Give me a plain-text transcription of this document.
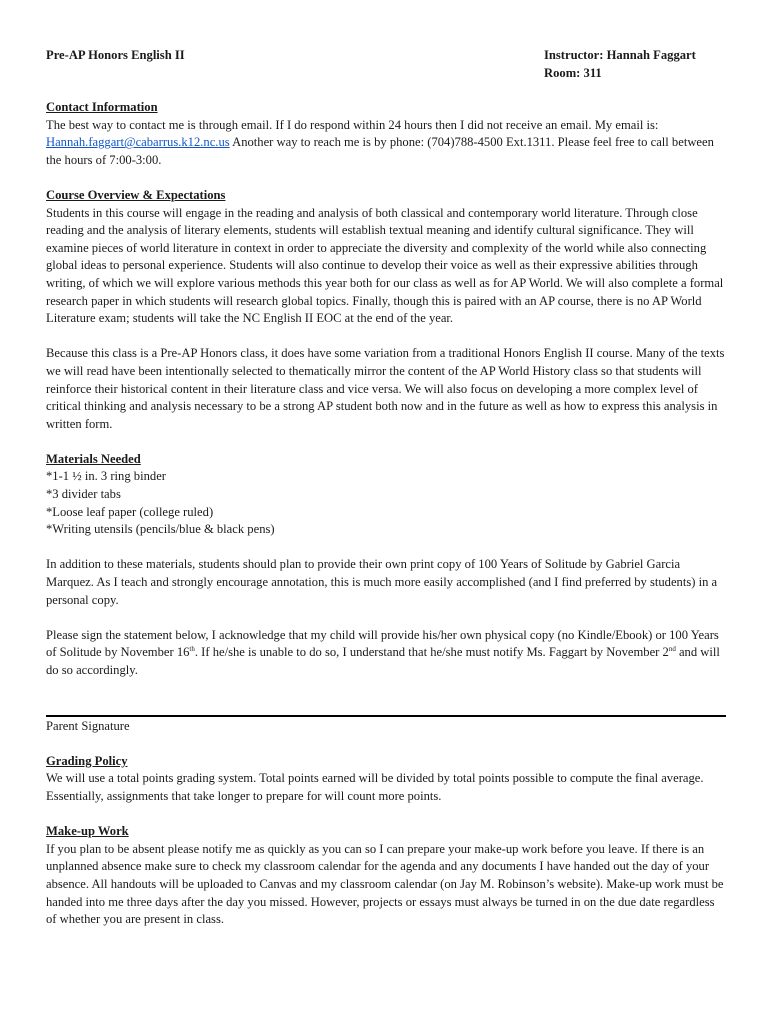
Pre-AP Honors English II	Instructor: Hannah Faggart
Room: 311
Contact Information

The best way to contact me is through email. If I do respond within 24 hours then I did not receive an email. My email is: Hannah.faggart@cabarrus.k12.nc.us Another way to reach me is by phone: (704)788-4500 Ext.1311. Please feel free to call between the hours of 7:00-3:00.

Course Overview & Expectations

Students in this course will engage in the reading and analysis of both classical and contemporary world literature. Through close reading and the analysis of literary elements, students will establish textual meaning and identify cultural significance. They will examine pieces of world literature in context in order to appreciate the diversity and complexity of the world while also connecting global ideas to personal experience. Students will also continue to develop their voice as well as their expressive abilities through writing, of which we will explore various methods this year both for our class as well as for AP World. We will also complete a formal research paper in which students will research global topics. Finally, though this is paired with an AP course, there is no AP World Literature exam; students will take the NC English II EOC at the end of the year.

Because this class is a Pre-AP Honors class, it does have some variation from a traditional Honors English II course. Many of the texts we will read have been intentionally selected to thematically mirror the content of the AP World History class so that students will reinforce their historical content in their literature class and vice versa. We will also focus on developing a more complex level of critical thinking and analysis necessary to be a strong AP student both now and in the future as well as how to express this analysis in written form.

Materials Needed
*1-1 ½ in. 3 ring binder
*3 divider tabs
*Loose leaf paper (college ruled)
*Writing utensils (pencils/blue & black pens)

In addition to these materials, students should plan to provide their own print copy of 100 Years of Solitude by Gabriel Garcia Marquez. As I teach and strongly encourage annotation, this is much more easily accomplished (and I find preferred by students) in a personal copy.

Please sign the statement below, I acknowledge that my child will provide his/her own physical copy (no Kindle/Ebook) or 100 Years of Solitude by November 16th. If he/she is unable to do so, I understand that he/she must notify Ms. Faggart by November 2nd and will do so accordingly.

Parent Signature
Grading Policy

We will use a total points grading system. Total points earned will be divided by total points possible to compute the final average. Essentially, assignments that take longer to prepare for will count more points.

Make-up Work

If you plan to be absent please notify me as quickly as you can so I can prepare your make-up work before you leave. If there is an unplanned absence make sure to check my classroom calendar for the agenda and any documents I have handed out the day of your absence. All handouts will be uploaded to Canvas and my classroom calendar (on Jay M. Robinson’s website). Make-up work must be handed into me three days after the day you missed. However, projects or essays must always be turned in on the due date regardless of whether you are present in class.
